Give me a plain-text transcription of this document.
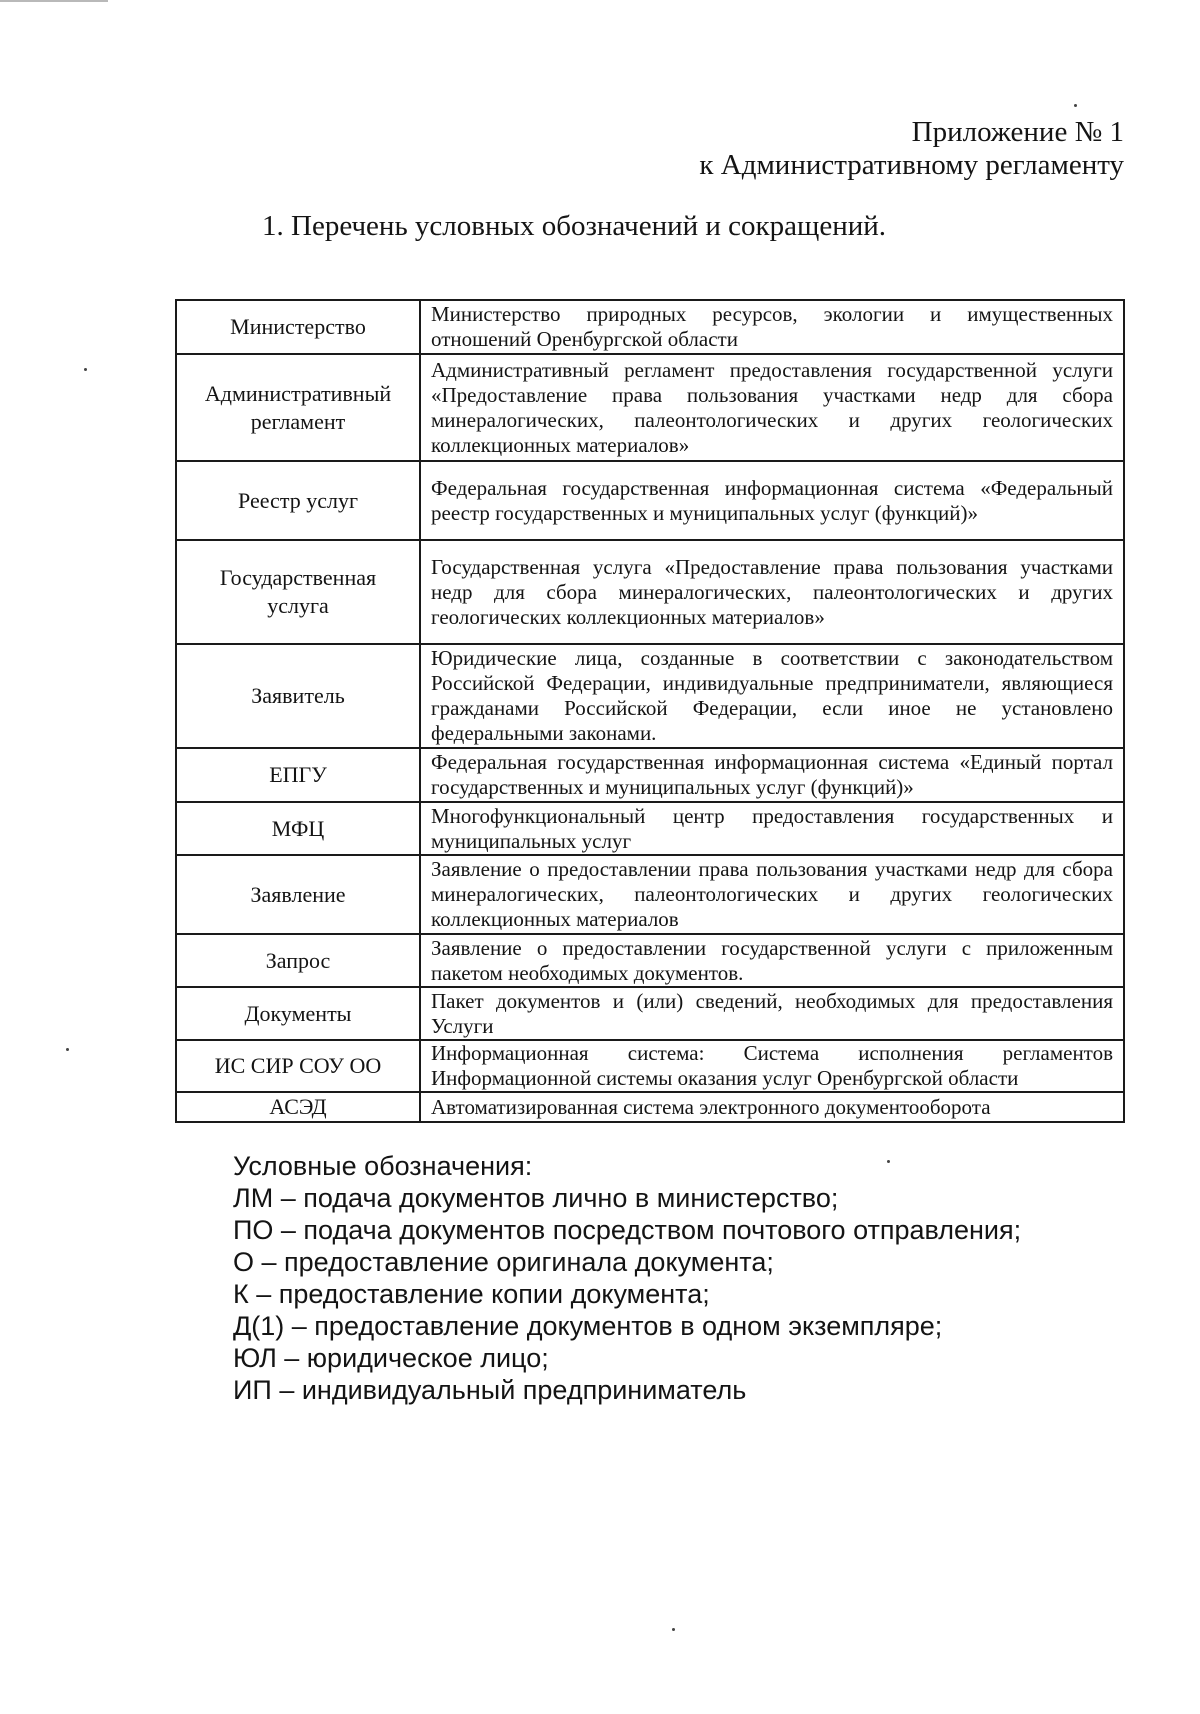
Приложение № 1
к Административному регламенту
1. Перечень условных обозначений и сокращений.
Министерство	Министерство природных ресурсов, экологии и имущественных отношений Оренбургской области
Административный регламент	Административный регламент предоставления государственной услуги «Предоставление права пользования участками недр для сбора минералогических, палеонтологических и других геологических коллекционных материалов»
Реестр услуг	Федеральная государственная информационная система «Федеральный реестр государственных и муниципальных услуг (функций)»
Государственная услуга	Государственная услуга «Предоставление права пользования участками недр для сбора минералогических, палеонтологических и других геологических коллекционных материалов»
Заявитель	Юридические лица, созданные в соответствии с законодательством Российской Федерации, индивидуальные предприниматели, являющиеся гражданами Российской Федерации, если иное не установлено федеральными законами.
ЕПГУ	Федеральная государственная информационная система «Единый портал государственных и муниципальных услуг (функций)»
МФЦ	Многофункциональный центр предоставления государственных и муниципальных услуг
Заявление	Заявление о предоставлении права пользования участками недр для сбора минералогических, палеонтологических и других геологических коллекционных материалов
Запрос	Заявление о предоставлении государственной услуги с приложенным пакетом необходимых документов.
Документы	Пакет документов и (или) сведений, необходимых для предоставления Услуги
ИС СИР СОУ ОО	Информационная система: Система исполнения регламентов Информационной системы оказания услуг Оренбургской области
АСЭД	Автоматизированная система электронного документооборота
Условные обозначения:
ЛМ – подача документов лично в министерство;
ПО – подача документов посредством почтового отправления;
О – предоставление оригинала документа;
К – предоставление копии документа;
Д(1) – предоставление документов в одном экземпляре;
ЮЛ – юридическое лицо;
ИП – индивидуальный предприниматель
